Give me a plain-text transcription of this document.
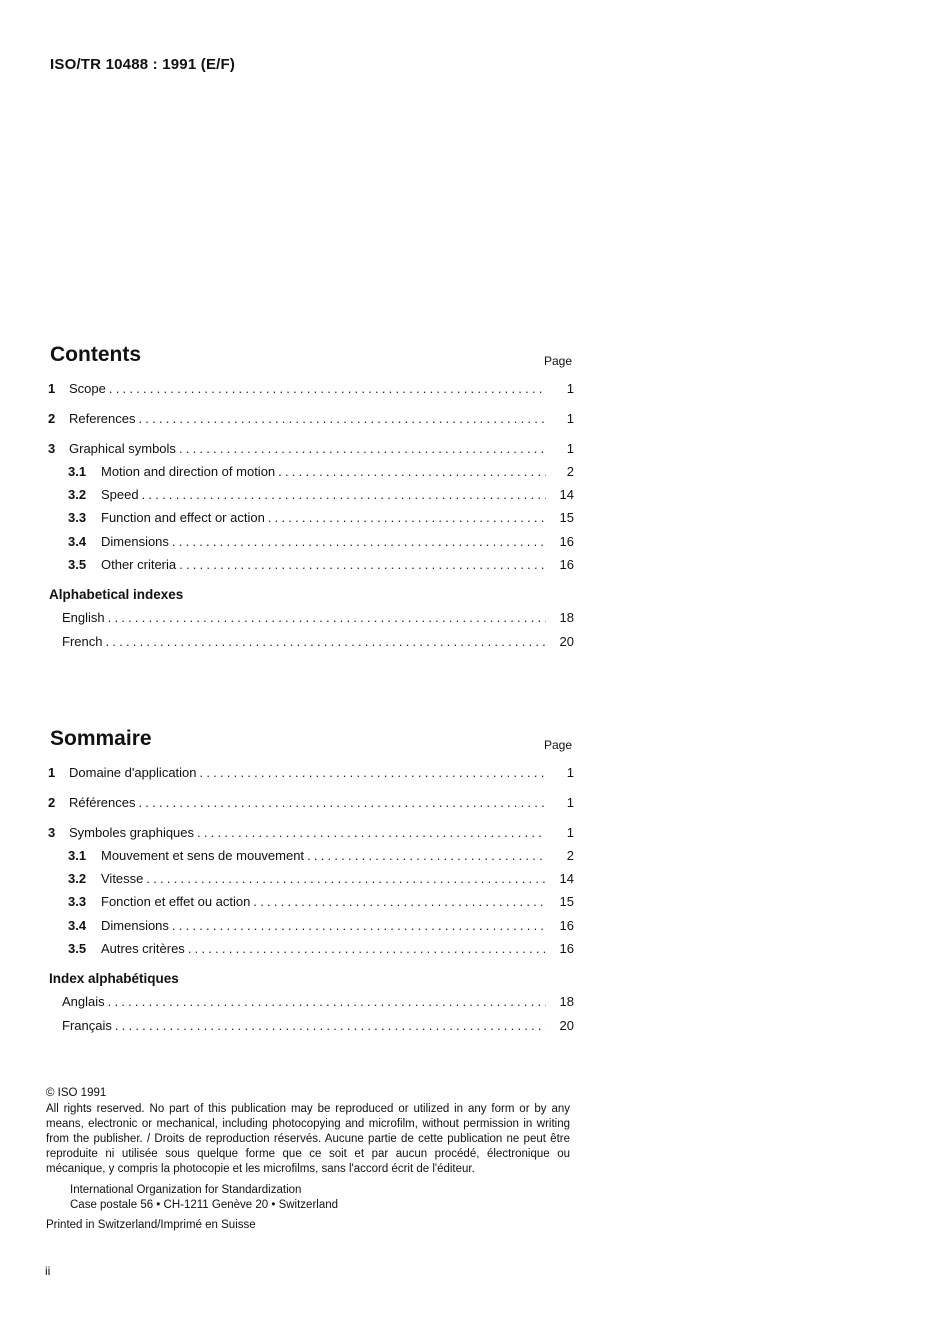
ISO/TR 10488 : 1991 (E/F)
Contents	Page
1	Scope . . .	1
2	References . . .	1
3	Graphical symbols . . .	1
3.1	Motion and direction of motion . . .	2
3.2	Speed . . .	14
3.3	Function and effect or action . . .	15
3.4	Dimensions . . .	16
3.5	Other criteria . . .	16
Alphabetical indexes
English . . .	18
French . . .	20
Sommaire	Page
1	Domaine d'application . . .	1
2	Références . . .	1
3	Symboles graphiques . . .	1
3.1	Mouvement et sens de mouvement . . .	2
3.2	Vitesse . . .	14
3.3	Fonction et effet ou action . . .	15
3.4	Dimensions . . .	16
3.5	Autres critères . . .	16
Index alphabétiques
Anglais . . .	18
Français . . .	20
© ISO 1991
All rights reserved. No part of this publication may be reproduced or utilized in any form or by any means, electronic or mechanical, including photocopying and microfilm, without permission in writing from the publisher. / Droits de reproduction réservés. Aucune partie de cette publication ne peut être reproduite ni utilisée sous quelque forme que ce soit et par aucun procédé, électronique ou mécanique, y compris la photocopie et les microfilms, sans l'accord écrit de l'éditeur.
International Organization for Standardization
Case postale 56 • CH-1211 Genève 20 • Switzerland
Printed in Switzerland/Imprimé en Suisse
ii
